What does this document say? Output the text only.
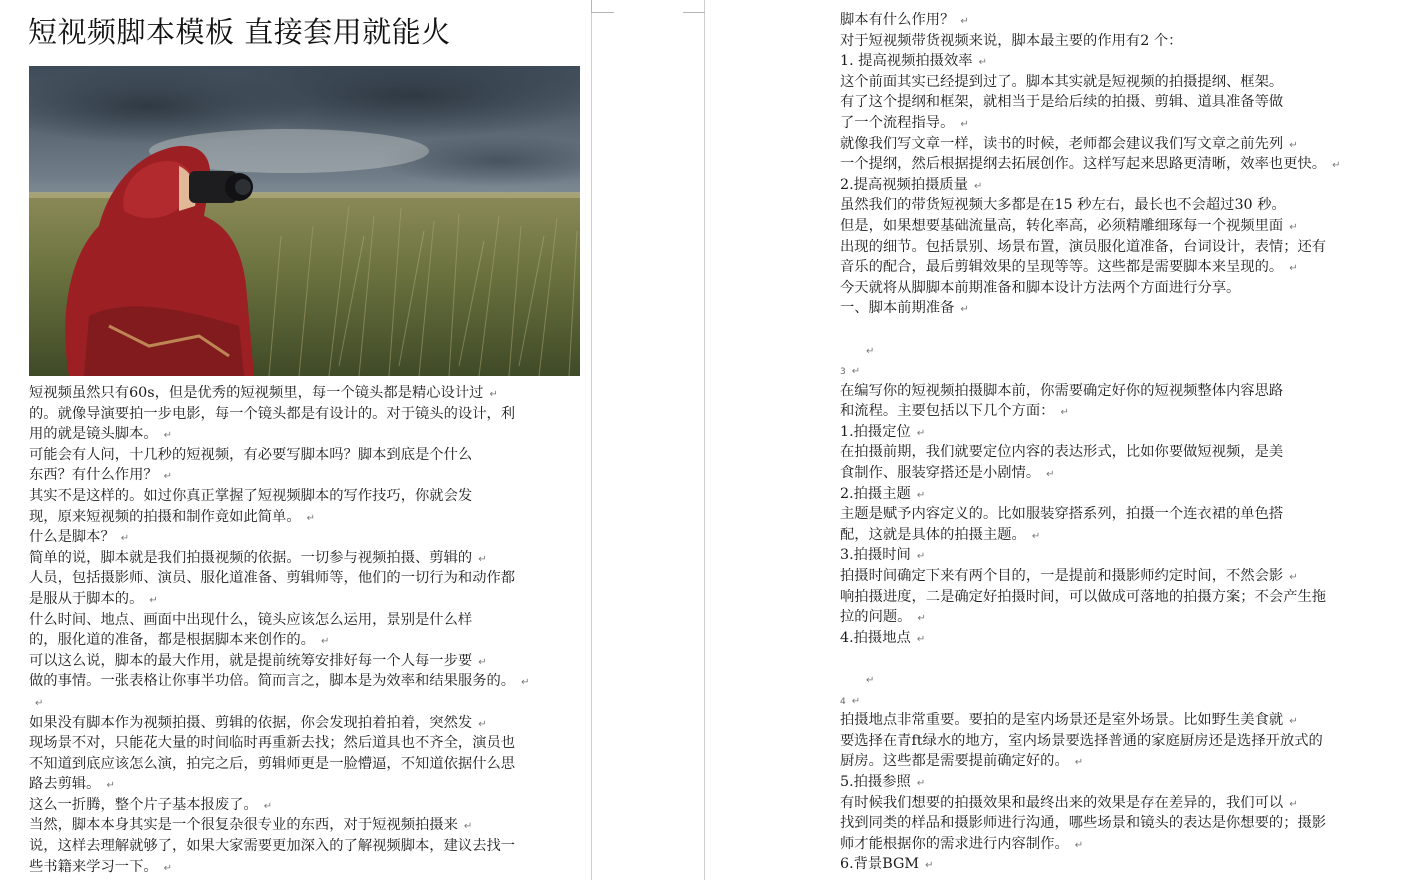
短视频脚本模板 直接套用就能火
短视频虽然只有60s，但是优秀的短视频里，每一个镜头都是精心设计过 ↵
的。就像导演要拍一步电影，每一个镜头都是有设计的。对于镜头的设计，利
用的就是镜头脚本。 ↵
可能会有人问，十几秒的短视频，有必要写脚本吗？脚本到底是个什么
东西？有什么作用？ ↵
其实不是这样的。如过你真正掌握了短视频脚本的写作技巧，你就会发
现，原来短视频的拍摄和制作竟如此简单。 ↵
什么是脚本？ ↵
简单的说，脚本就是我们拍摄视频的依据。一切参与视频拍摄、剪辑的 ↵
人员，包括摄影师、演员、服化道准备、剪辑师等，他们的一切行为和动作都
是服从于脚本的。 ↵
什么时间、地点、画面中出现什么，镜头应该怎么运用，景别是什么样
的，服化道的准备，都是根据脚本来创作的。 ↵
可以这么说，脚本的最大作用，就是提前统筹安排好每一个人每一步要 ↵
做的事情。一张表格让你事半功倍。简而言之，脚本是为效率和结果服务的。 ↵
↵
如果没有脚本作为视频拍摄、剪辑的依据，你会发现拍着拍着，突然发 ↵
现场景不对，只能花大量的时间临时再重新去找；然后道具也不齐全，演员也
不知道到底应该怎么演，拍完之后，剪辑师更是一脸懵逼，不知道依据什么思
路去剪辑。 ↵
这么一折腾，整个片子基本报废了。 ↵
当然，脚本本身其实是一个很复杂很专业的东西，对于短视频拍摄来 ↵
说，这样去理解就够了，如果大家需要更加深入的了解视频脚本，建议去找一
些书籍来学习一下。 ↵
脚本有什么作用？ ↵
对于短视频带货视频来说，脚本最主要的作用有2 个：
1. 提高视频拍摄效率 ↵
这个前面其实已经提到过了。脚本其实就是短视频的拍摄提纲、框架。
有了这个提纲和框架，就相当于是给后续的拍摄、剪辑、道具准备等做
了一个流程指导。 ↵
就像我们写文章一样，读书的时候，老师都会建议我们写文章之前先列 ↵
一个提纲，然后根据提纲去拓展创作。这样写起来思路更清晰，效率也更快。 ↵
2.提高视频拍摄质量 ↵
虽然我们的带货短视频大多都是在15 秒左右，最长也不会超过30 秒。
但是，如果想要基础流量高，转化率高，必须精雕细琢每一个视频里面 ↵
出现的细节。包括景别、场景布置，演员服化道准备，台词设计，表情；还有
音乐的配合，最后剪辑效果的呈现等等。这些都是需要脚本来呈现的。 ↵
今天就将从脚脚本前期准备和脚本设计方法两个方面进行分享。
一、脚本前期准备 ↵
↵
3 ↵
在编写你的短视频拍摄脚本前，你需要确定好你的短视频整体内容思路
和流程。主要包括以下几个方面： ↵
1.拍摄定位 ↵
在拍摄前期，我们就要定位内容的表达形式，比如你要做短视频，是美
食制作、服装穿搭还是小剧情。 ↵
2.拍摄主题 ↵
主题是赋予内容定义的。比如服装穿搭系列，拍摄一个连衣裙的单色搭
配，这就是具体的拍摄主题。 ↵
3.拍摄时间 ↵
拍摄时间确定下来有两个目的，一是提前和摄影师约定时间，不然会影 ↵
响拍摄进度，二是确定好拍摄时间，可以做成可落地的拍摄方案；不会产生拖
拉的问题。 ↵
4.拍摄地点 ↵
↵
4 ↵
拍摄地点非常重要。要拍的是室内场景还是室外场景。比如野生美食就 ↵
要选择在青ft绿水的地方，室内场景要选择普通的家庭厨房还是选择开放式的
厨房。这些都是需要提前确定好的。 ↵
5.拍摄参照 ↵
有时候我们想要的拍摄效果和最终出来的效果是存在差异的，我们可以 ↵
找到同类的样品和摄影师进行沟通，哪些场景和镜头的表达是你想要的；摄影
师才能根据你的需求进行内容制作。 ↵
6.背景BGM ↵
